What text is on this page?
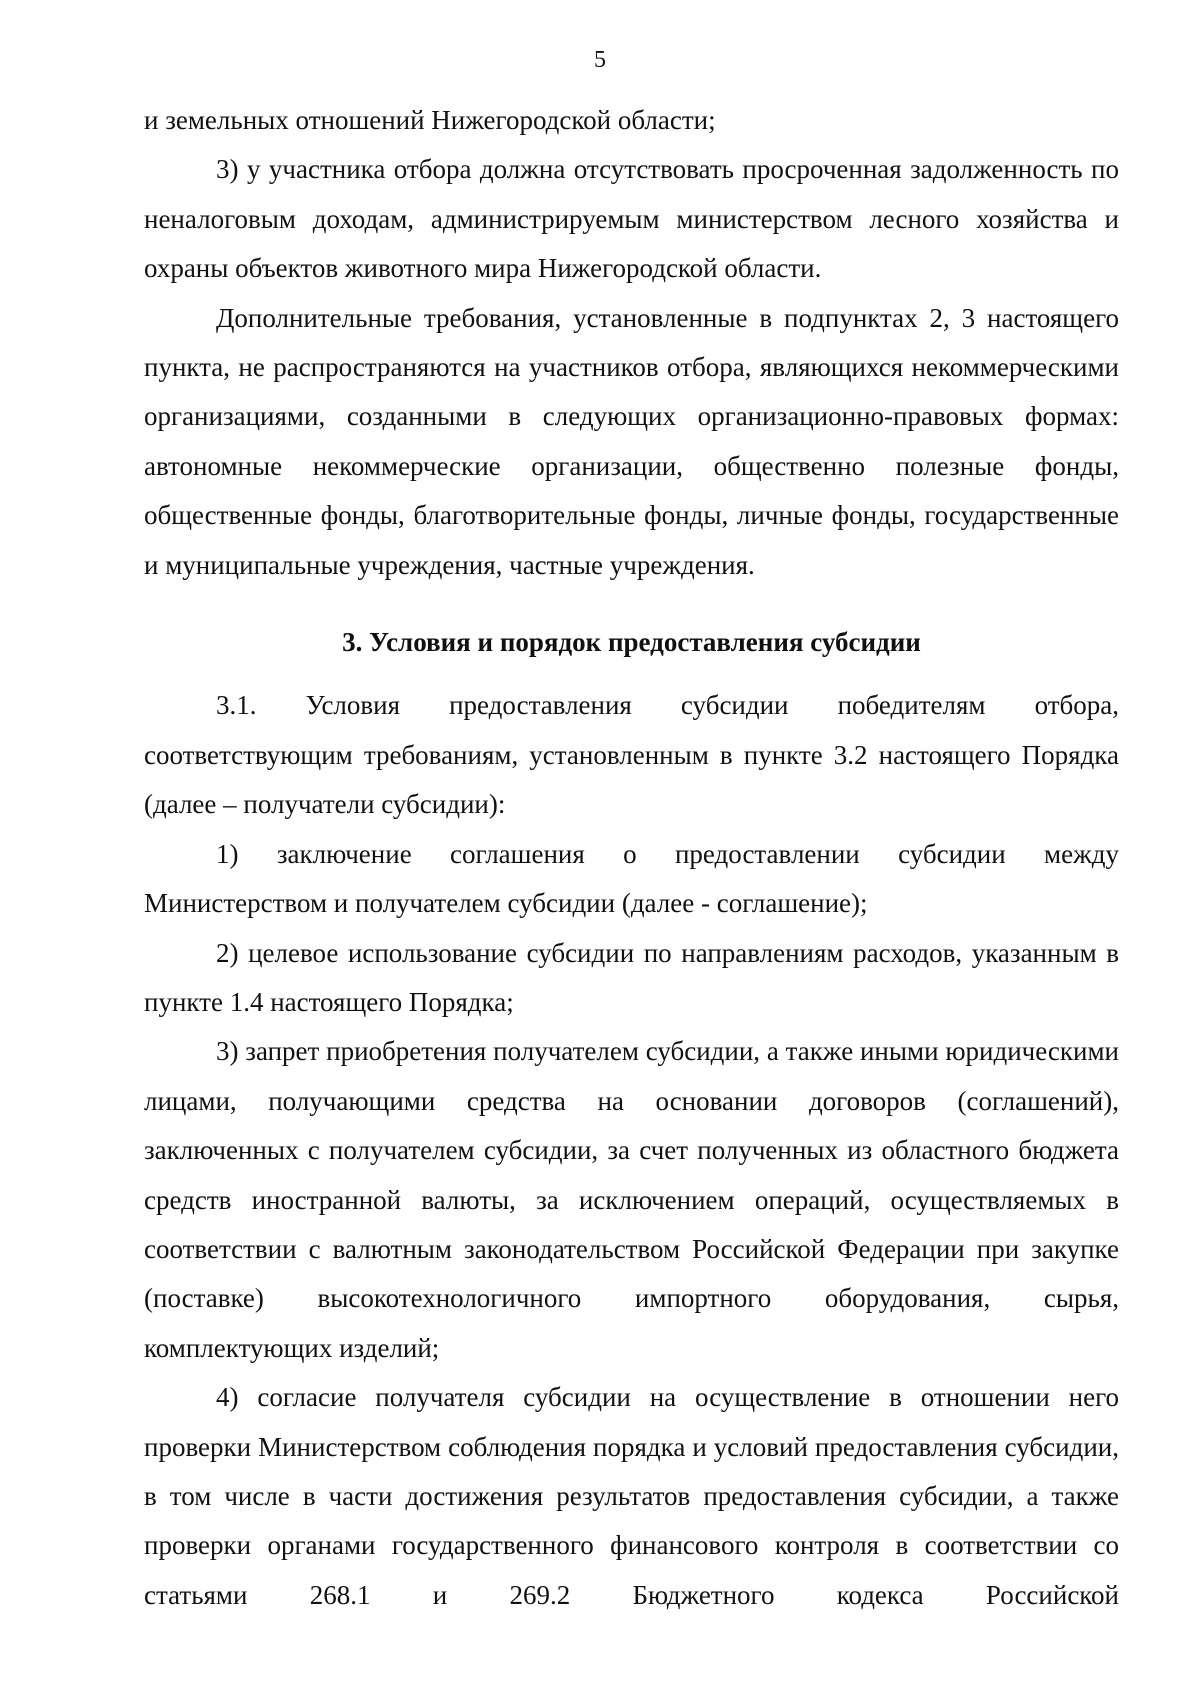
5

и земельных отношений Нижегородской области;

3) у участника отбора должна отсутствовать просроченная задолженность по неналоговым доходам, администрируемым министерством лесного хозяйства и охраны объектов животного мира Нижегородской области.

Дополнительные требования, установленные в подпунктах 2, 3 настоящего пункта, не распространяются на участников отбора, являющихся некоммерческими организациями, созданными в следующих организационно-правовых формах: автономные некоммерческие организации, общественно полезные фонды, общественные фонды, благотворительные фонды, личные фонды, государственные и муниципальные учреждения, частные учреждения.

3. Условия и порядок предоставления субсидии

3.1. Условия предоставления субсидии победителям отбора, соответствующим требованиям, установленным в пункте 3.2 настоящего Порядка (далее – получатели субсидии):

1) заключение соглашения о предоставлении субсидии между Министерством и получателем субсидии (далее - соглашение);

2) целевое использование субсидии по направлениям расходов, указанным в пункте 1.4 настоящего Порядка;

3) запрет приобретения получателем субсидии, а также иными юридическими лицами, получающими средства на основании договоров (соглашений), заключенных с получателем субсидии, за счет полученных из областного бюджета средств иностранной валюты, за исключением операций, осуществляемых в соответствии с валютным законодательством Российской Федерации при закупке (поставке) высокотехнологичного импортного оборудования, сырья, комплектующих изделий;

4) согласие получателя субсидии на осуществление в отношении него проверки Министерством соблюдения порядка и условий предоставления субсидии, в том числе в части достижения результатов предоставления субсидии, а также проверки органами государственного финансового контроля в соответствии со статьями 268.1 и 269.2 Бюджетного кодекса Российской
